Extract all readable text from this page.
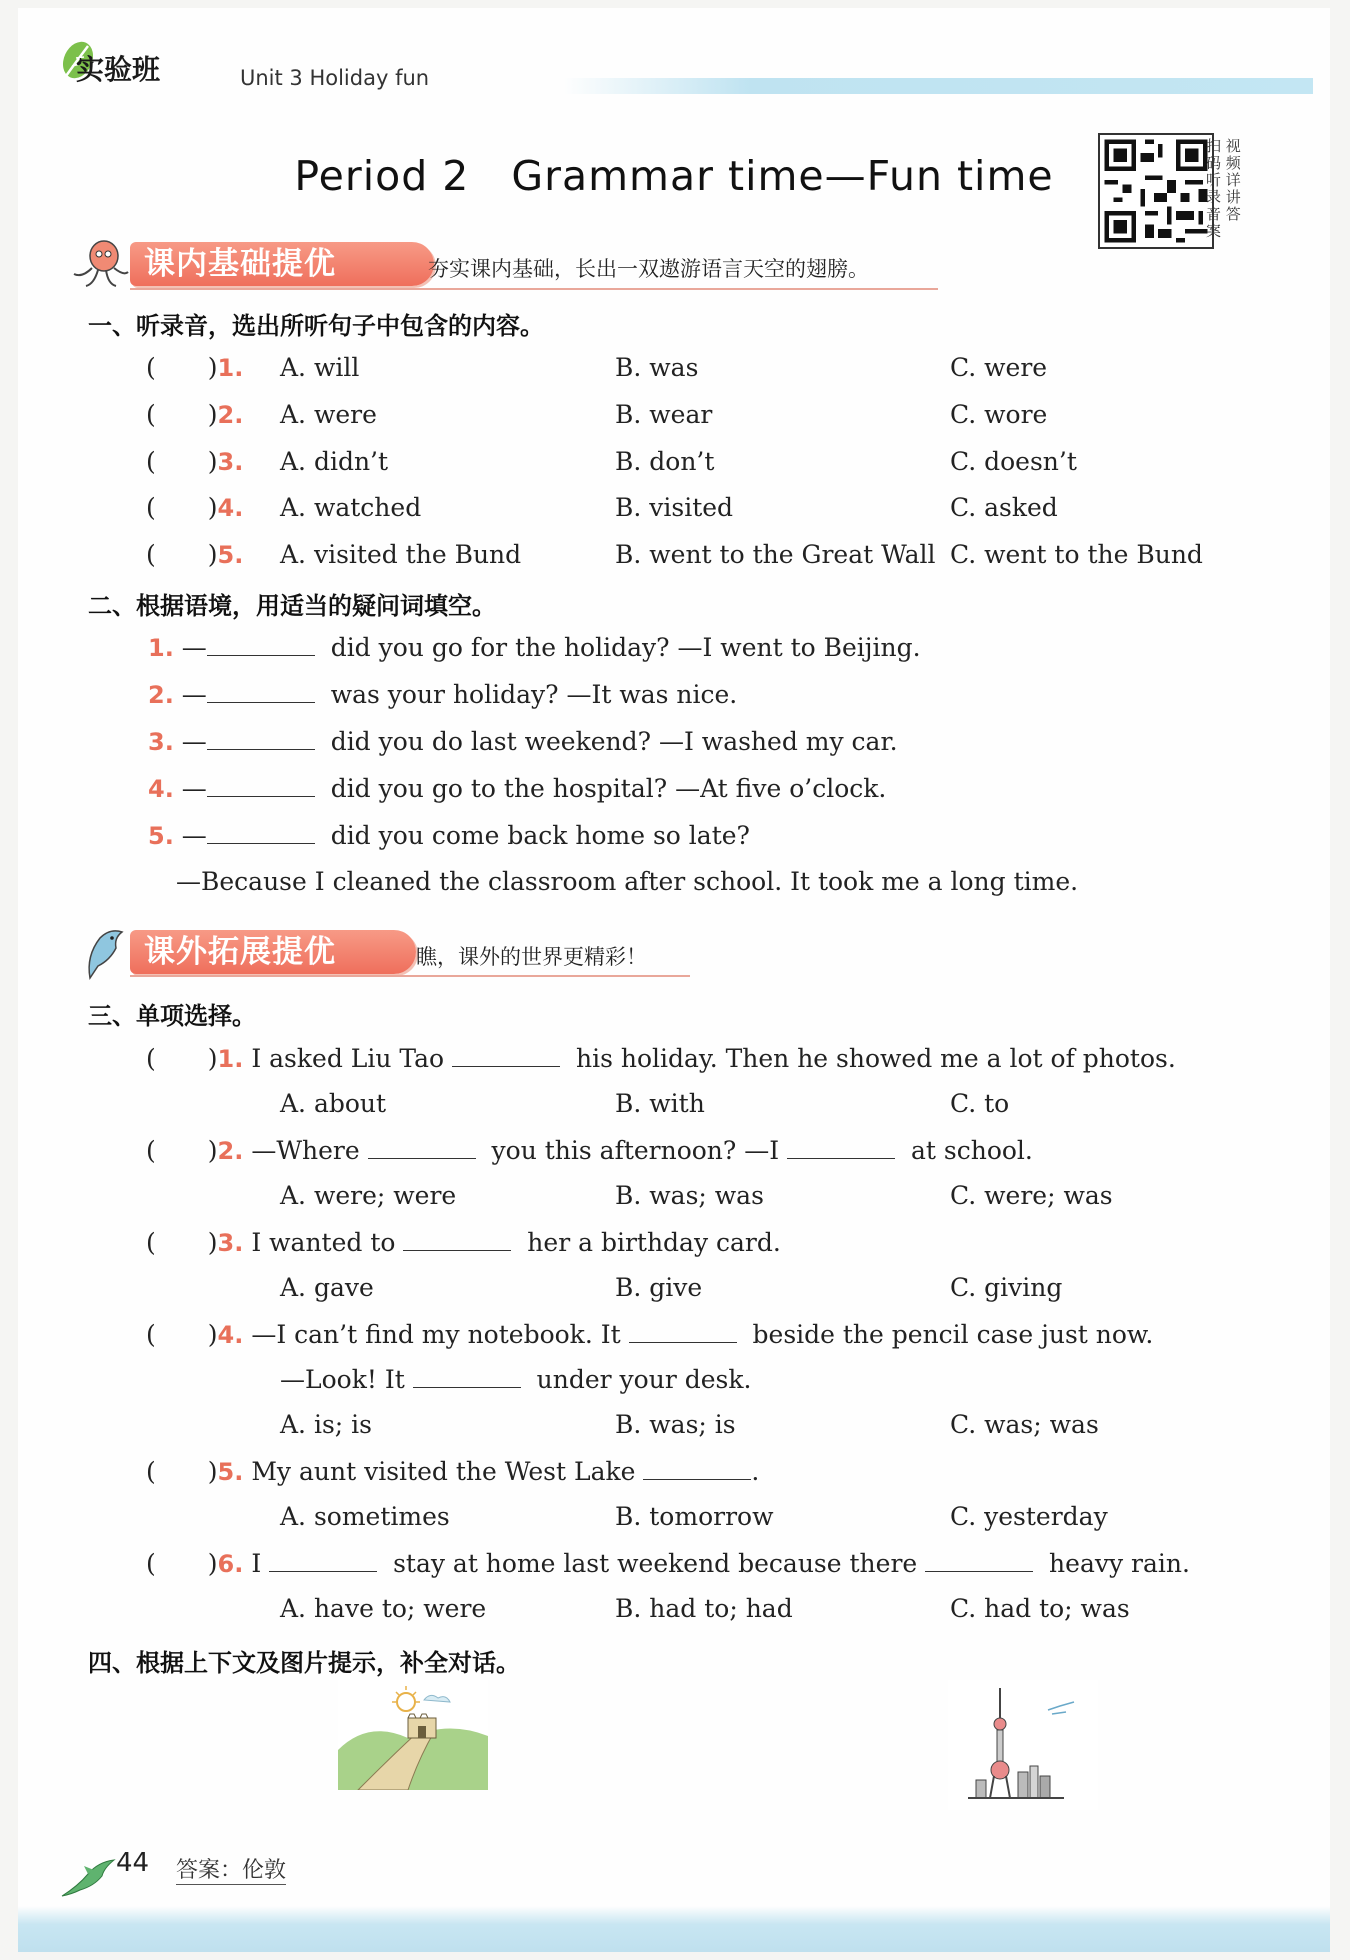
实验班	Unit 3 Holiday fun
Period 2　Grammar time—Fun time
扫 视
码 频
听 详
录 讲
音 答
案
课内基础提优	夯实课内基础，长出一双遨游语言天空的翅膀。
一、听录音，选出所听句子中包含的内容。
( )1. A. will	B. was	C. were
( )2. A. were	B. wear	C. wore
( )3. A. didn’t	B. don’t	C. doesn’t
( )4. A. watched	B. visited	C. asked
( )5. A. visited the Bund	B. went to the Great Wall C. went to the Bund
二、根据语境，用适当的疑问词填空。
1. —	did you go for the holiday? —I went to Beijing.
2. —	was your holiday? —It was nice.
3. —	did you do last weekend? —I washed my car.
4. —	did you go to the hospital? —At five o’clock.
5. —	did you come back home so late?
—Because I cleaned the classroom after school. It took me a long time.
课外拓展提优	瞧，课外的世界更精彩！
三、单项选择。
( )1. I asked Liu Tao	his holiday. Then he showed me a lot of photos.
A. about	B. with	C. to
( )2. —Where	you this afternoon? —I	at school.
A. were; were	B. was; was	C. were; was
( )3. I wanted to	her a birthday card.
A. gave	B. give	C. giving
( )4. —I can’t find my notebook. It	beside the pencil case just now.
—Look! It	under your desk.
A. is; is	B. was; is	C. was; was
( )5. My aunt visited the West Lake	.
A. sometimes	B. tomorrow	C. yesterday
( )6. I	stay at home last weekend because there	heavy rain.
A. have to; were	B. had to; had	C. had to; was
四、根据上下文及图片提示，补全对话。
44 答案：伦敦
